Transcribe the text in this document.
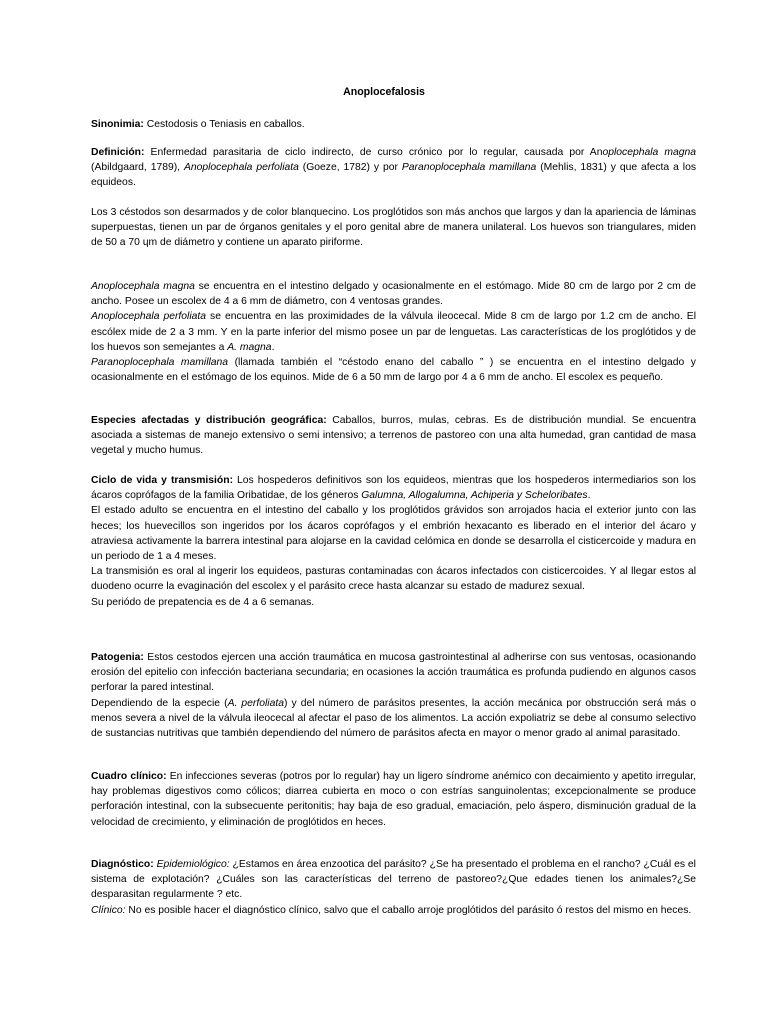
Anoplocefalosis

Sinonimia: Cestodosis o Teniasis en caballos.

Definición: Enfermedad parasitaria de ciclo indirecto, de curso crónico por lo regular, causada por Anoplocephala magna (Abildgaard, 1789), Anoplocephala perfoliata (Goeze, 1782) y por Paranoplocephala mamillana (Mehlis, 1831) y que afecta a los equideos.

Los 3 céstodos son desarmados y de color blanquecino. Los proglótidos son más anchos que largos y dan la apariencia de láminas superpuestas, tienen un par de órganos genitales y el poro genital abre de manera unilateral. Los huevos son triangulares, miden de 50 a 70 ɥm de diámetro y contiene un aparato piriforme.

Anoplocephala magna se encuentra en el intestino delgado y ocasionalmente en el estómago. Mide 80 cm de largo por 2 cm de ancho. Posee un escolex de 4 a 6 mm de diámetro, con 4 ventosas grandes.

Anoplocephala perfoliata se encuentra en las proximidades de la válvula ileocecal. Mide 8 cm de largo por 1.2 cm de ancho. El escólex mide de 2 a 3 mm. Y en la parte inferior del mismo posee un par de lenguetas. Las características de los proglótidos y de los huevos son semejantes a A. magna.

Paranoplocephala mamillana (llamada también el “céstodo enano del caballo ” ) se encuentra en el intestino delgado y ocasionalmente en el estómago de los equinos. Mide de 6 a 50 mm de largo por 4 a 6 mm de ancho. El escolex es pequeño.

Especies afectadas y distribución geográfica: Caballos, burros, mulas, cebras. Es de distribución mundial. Se encuentra asociada a sistemas de manejo extensivo o semi intensivo; a terrenos de pastoreo con una alta humedad, gran cantidad de masa vegetal y mucho humus.

Ciclo de vida y transmisión: Los hospederos definitivos son los equideos, mientras que los hospederos intermediarios son los ácaros coprófagos de la familia Oribatidae, de los géneros Galumna, Allogalumna, Achiperia y Scheloribates.

El estado adulto se encuentra en el intestino del caballo y los proglótidos grávidos son arrojados hacia el exterior junto con las heces; los huevecillos son ingeridos por los ácaros coprófagos y el embrión hexacanto es liberado en el interior del ácaro y atraviesa activamente la barrera intestinal para alojarse en la cavidad celómica en donde se desarrolla el cisticercoide y madura en un periodo de 1 a 4 meses.

La transmisión es oral al ingerir los equideos, pasturas contaminadas con ácaros infectados con cisticercoides. Y al llegar estos al duodeno ocurre la evaginación del escolex y el parásito crece hasta alcanzar su estado de madurez sexual.

Su periódo de prepatencia es de 4 a 6 semanas.

Patogenia: Estos cestodos ejercen una acción traumática en mucosa gastrointestinal al adherirse con sus ventosas, ocasionando erosión del epitelio con infección bacteriana secundaria; en ocasiones la acción traumática es profunda pudiendo en algunos casos perforar la pared intestinal.

Dependiendo de la especie (A. perfoliata) y del número de parásitos presentes, la acción mecánica por obstrucción será más o menos severa a nivel de la válvula ileocecal al afectar el paso de los alimentos. La acción expoliatriz se debe al consumo selectivo de sustancias nutritivas que también dependiendo del número de parásitos afecta en mayor o menor grado al animal parasitado.

Cuadro clínico: En infecciones severas (potros por lo regular) hay un ligero síndrome anémico con decaimiento y apetito irregular, hay problemas digestivos como cólicos; diarrea cubierta en moco o con estrías sanguinolentas; excepcionalmente se produce perforación intestinal, con la subsecuente peritonitis; hay baja de eso gradual, emaciación, pelo áspero, disminución gradual de la velocidad de crecimiento, y eliminación de proglótidos en heces.

Diagnóstico: Epidemiológico: ¿Estamos en área enzootica del parásito? ¿Se ha presentado el problema en el rancho? ¿Cuál es el sistema de explotación? ¿Cuáles son las características del terreno de pastoreo?¿Que edades tienen los animales?¿Se desparasitan regularmente ? etc.

Clínico: No es posible hacer el diagnóstico clínico, salvo que el caballo arroje proglótidos del parásito ó restos del mismo en heces.
